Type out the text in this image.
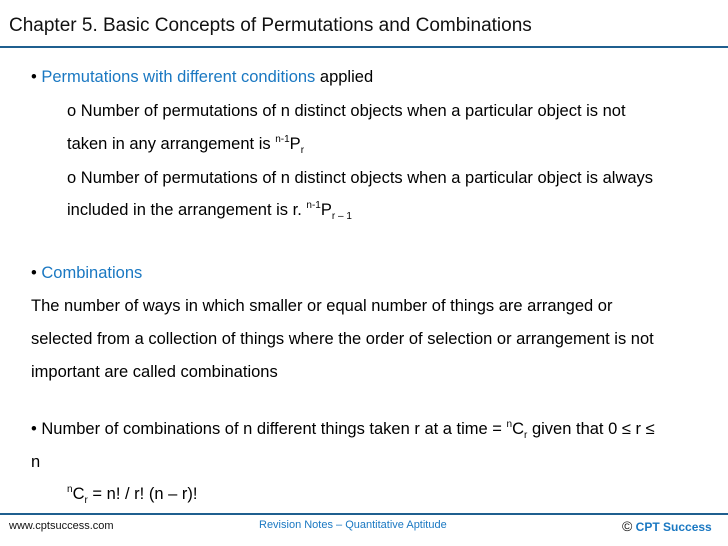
Chapter 5. Basic Concepts of Permutations and Combinations
• Permutations with different conditions applied
o Number of permutations of n distinct objects when a particular object is not
taken in any arrangement is $^{n-1}P_r$
o Number of permutations of n distinct objects when a particular object is always
included in the arrangement is r. $^{n-1}P_{r - 1}$
• Combinations
The number of ways in which smaller or equal number of things are arranged or
selected from a collection of things where the order of selection or arrangement is not
important are called combinations
• Number of combinations of n different things taken r at a time = $^nC_r$ given that 0 ≤ r ≤
n
$^nC_r = n$! / r! (n – r)!
www.cptsuccess.com	Revision Notes – Quantitative Aptitude	© CPT Success
